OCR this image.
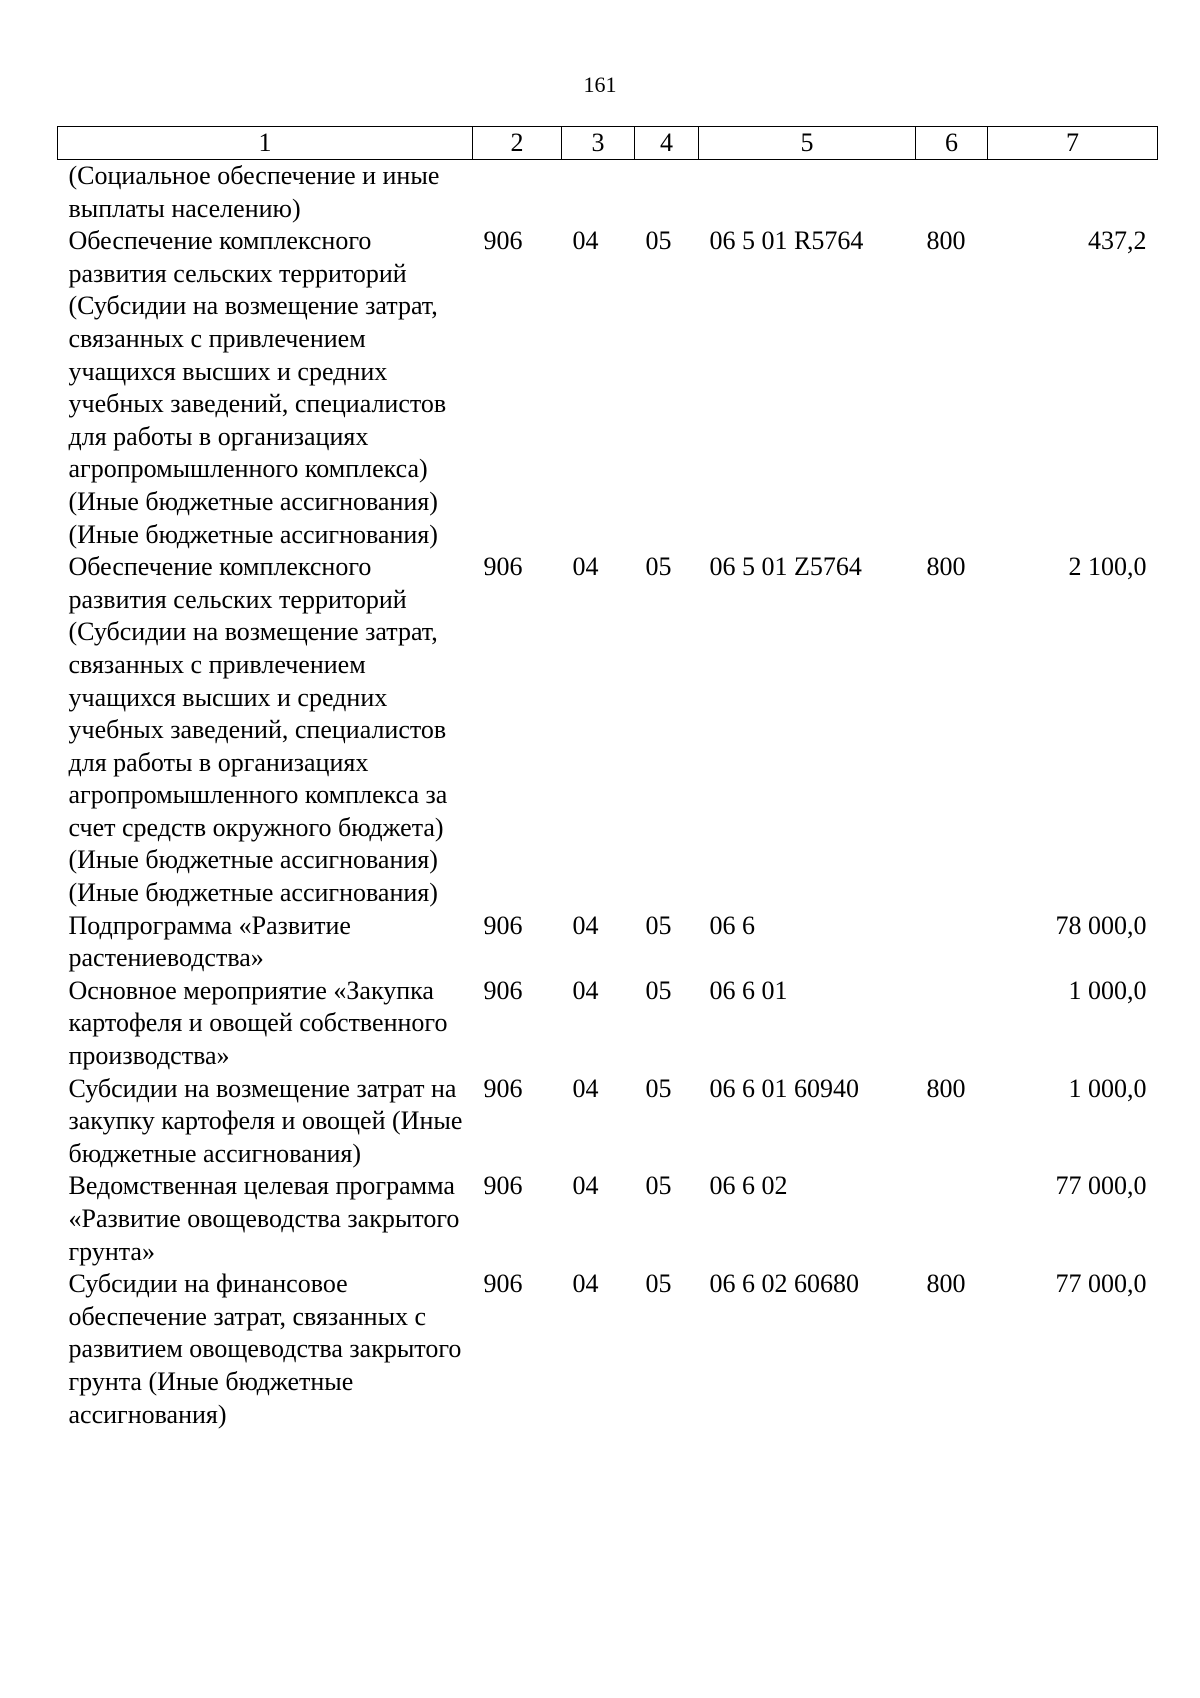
161
1	2	3	4	5	6	7
(Социальное обеспечение и иные выплаты населению)						
Обеспечение комплексного развития сельских территорий (Субсидии на возмещение затрат, связанных с привлечением учащихся высших и средних учебных заведений, специалистов для работы в организациях агропромышленного комплекса) (Иные бюджетные ассигнования) (Иные бюджетные ассигнования)	906	04	05	06 5 01 R5764	800	437,2
Обеспечение комплексного развития сельских территорий (Субсидии на возмещение затрат, связанных с привлечением учащихся высших и средних учебных заведений, специалистов для работы в организациях агропромышленного комплекса за счет средств окружного бюджета) (Иные бюджетные ассигнования) (Иные бюджетные ассигнования)	906	04	05	06 5 01 Z5764	800	2 100,0
Подпрограмма «Развитие растениеводства»	906	04	05	06 6		78 000,0
Основное мероприятие «Закупка картофеля и овощей собственного производства»	906	04	05	06 6 01		1 000,0
Субсидии на возмещение затрат на закупку картофеля и овощей (Иные бюджетные ассигнования)	906	04	05	06 6 01 60940	800	1 000,0
Ведомственная целевая программа «Развитие овощеводства закрытого грунта»	906	04	05	06 6 02		77 000,0
Субсидии на финансовое обеспечение затрат, связанных с развитием овощеводства закрытого грунта (Иные бюджетные ассигнования)	906	04	05	06 6 02 60680	800	77 000,0
